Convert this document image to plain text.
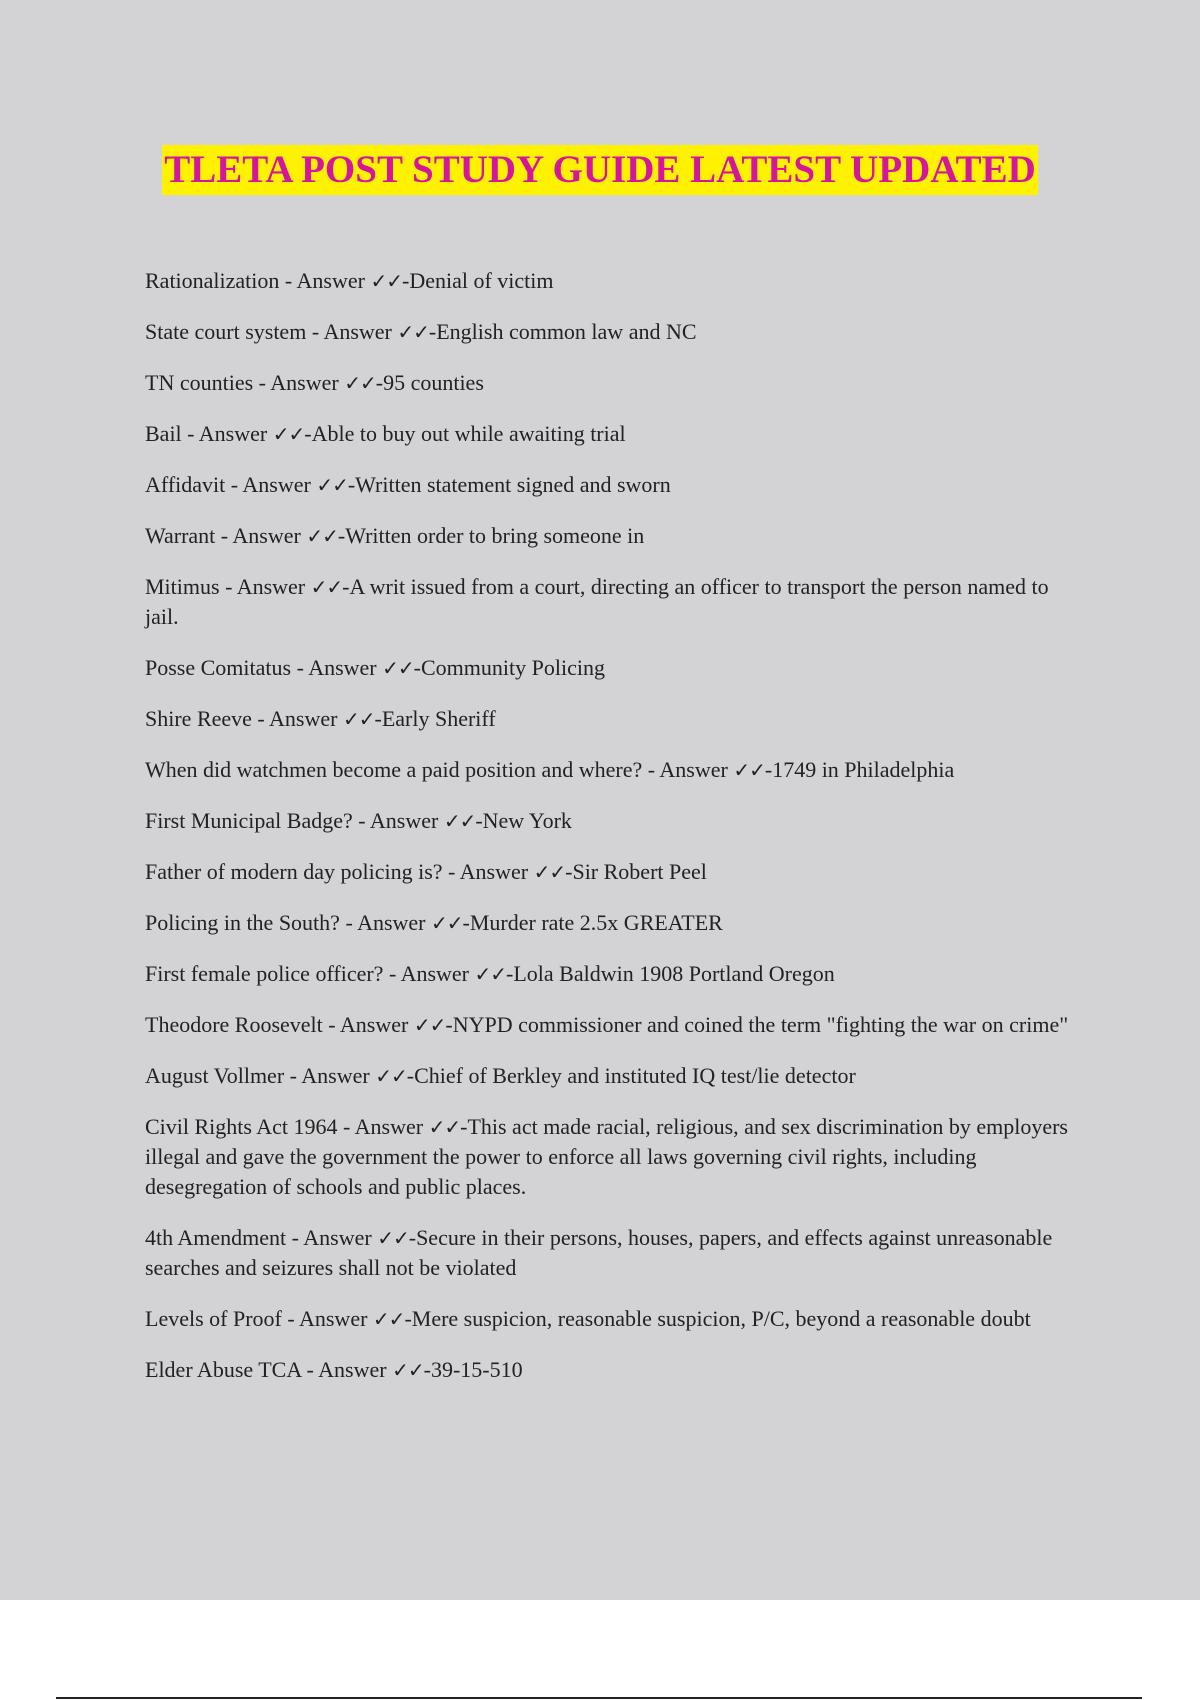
TLETA POST STUDY GUIDE LATEST UPDATED
Rationalization - Answer ✓✓-Denial of victim
State court system - Answer ✓✓-English common law and NC
TN counties - Answer ✓✓-95 counties
Bail - Answer ✓✓-Able to buy out while awaiting trial
Affidavit - Answer ✓✓-Written statement signed and sworn
Warrant - Answer ✓✓-Written order to bring someone in
Mitimus - Answer ✓✓-A writ issued from a court, directing an officer to transport the person named to jail.
Posse Comitatus - Answer ✓✓-Community Policing
Shire Reeve - Answer ✓✓-Early Sheriff
When did watchmen become a paid position and where? - Answer ✓✓-1749 in Philadelphia
First Municipal Badge? - Answer ✓✓-New York
Father of modern day policing is? - Answer ✓✓-Sir Robert Peel
Policing in the South? - Answer ✓✓-Murder rate 2.5x GREATER
First female police officer? - Answer ✓✓-Lola Baldwin 1908 Portland Oregon
Theodore Roosevelt - Answer ✓✓-NYPD commissioner and coined the term "fighting the war on crime"
August Vollmer - Answer ✓✓-Chief of Berkley and instituted IQ test/lie detector
Civil Rights Act 1964 - Answer ✓✓-This act made racial, religious, and sex discrimination by employers illegal and gave the government the power to enforce all laws governing civil rights, including desegregation of schools and public places.
4th Amendment - Answer ✓✓-Secure in their persons, houses, papers, and effects against unreasonable searches and seizures shall not be violated
Levels of Proof - Answer ✓✓-Mere suspicion, reasonable suspicion, P/C, beyond a reasonable doubt
Elder Abuse TCA - Answer ✓✓-39-15-510
